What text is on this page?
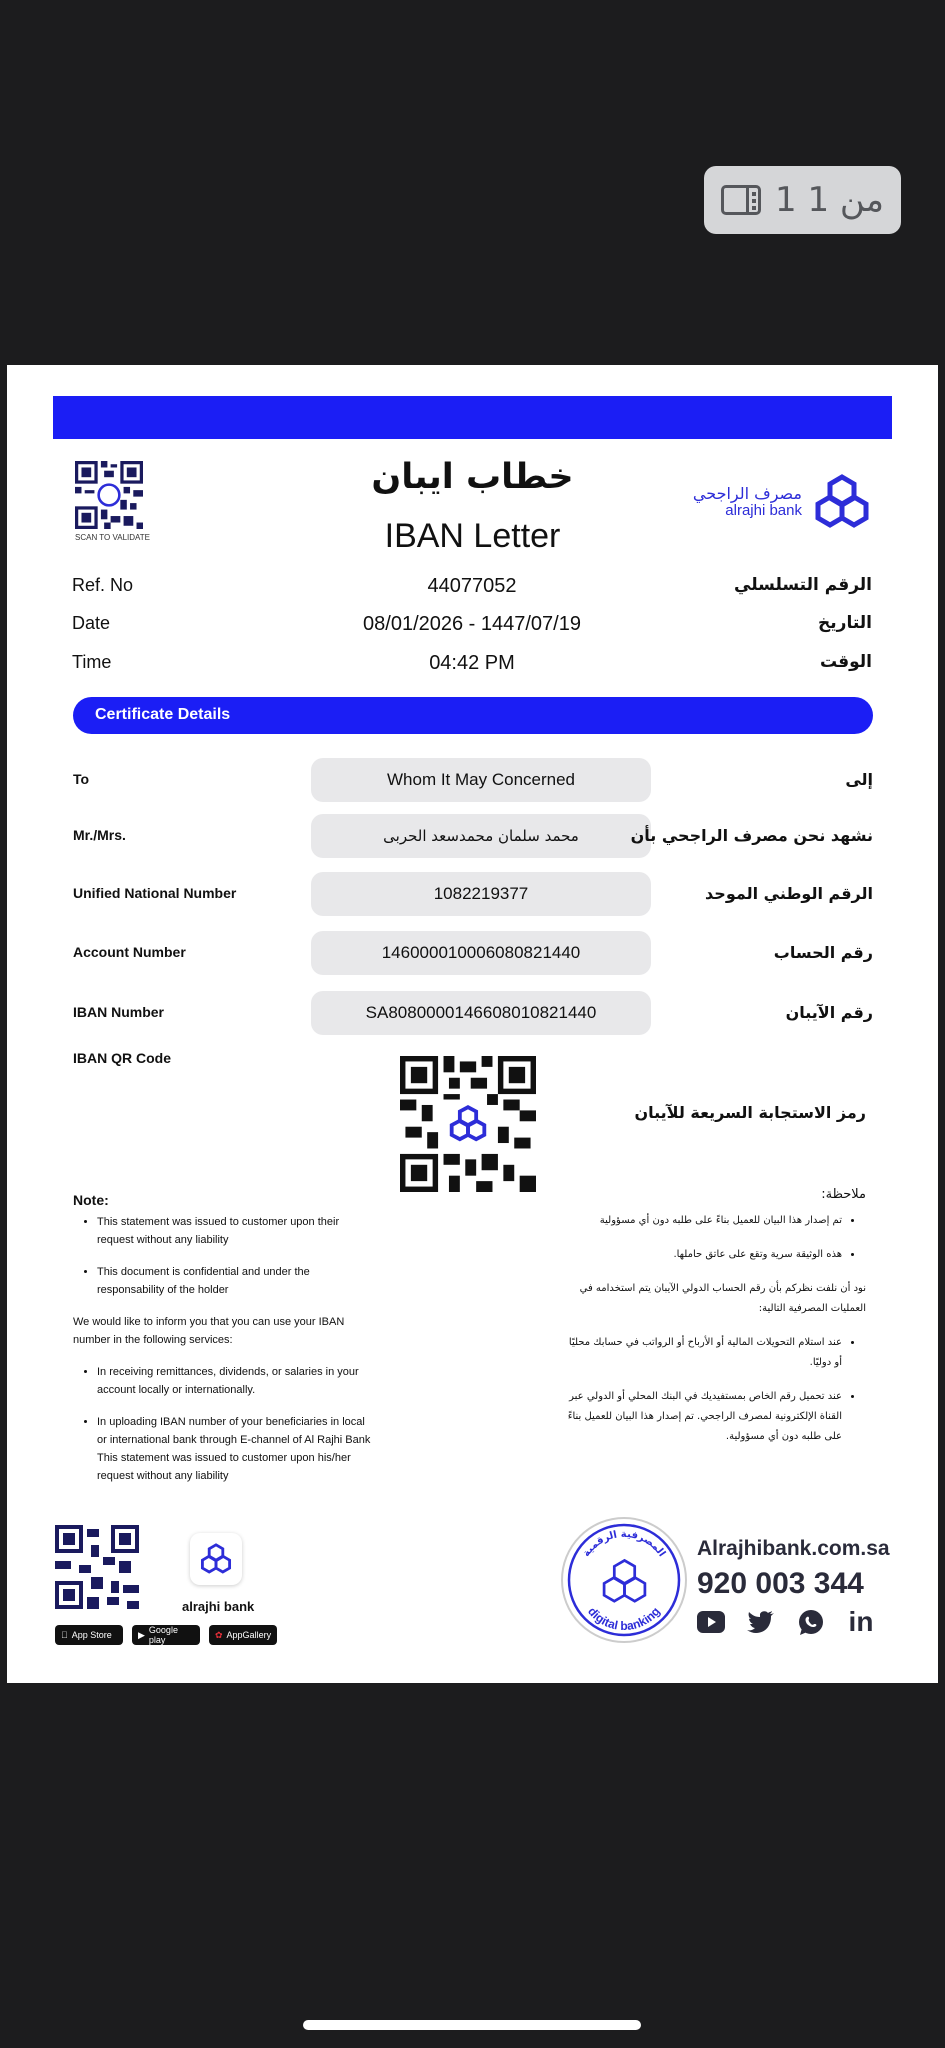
1 من 1
SCAN TO VALIDATE
خطاب ايبان
IBAN Letter
مصرف الراجحي
alrajhi bank
Ref. No	44077052	الرقم التسلسلي
Date	08/01/2026 - 1447/07/19	التاريخ
Time	04:42 PM	الوقت
Certificate Details
To	Whom It May Concerned	إلى
Mr./Mrs.	محمد سلمان محمدسعد الحربى	نشهد نحن مصرف الراجحي بأن
Unified National Number	1082219377	الرقم الوطني الموحد
Account Number	146000010006080821440	رقم الحساب
IBAN Number	SA8080000146608010821440	رقم الآيبان
IBAN QR Code
رمز الاستجابة السريعة للآيبان
Note:
• This statement was issued to customer upon their request without any liability
• This document is confidential and under the responsability of the holder

We would like to inform you that you can use your IBAN number in the following services:

• In receiving remittances, dividends, or salaries in your account locally or internationally.
• In uploading IBAN number of your beneficiaries in local or international bank through E-channel of Al Rajhi Bank This statement was issued to customer upon his/her request without any liability
ملاحظة:
• تم إصدار هذا البيان للعميل بناءً على طلبه دون أي مسؤولية
• هذه الوثيقة سرية وتقع على عاتق حاملها.

نود أن نلفت نظركم بأن رقم الحساب الدولي الآيبان يتم استخدامه في العمليات المصرفية التالية:

• عند استلام التحويلات المالية أو الأرباح أو الرواتب في حسابك محليًا أو دوليًا.
• عند تحميل رقم الخاص بمستفيديك في البنك المحلي أو الدولي عبر القناة الإلكترونية لمصرف الراجحي. تم إصدار هذا البيان للعميل بناءً على طلبه دون أي مسؤولية.
alrajhi bank
App Store	▶ Google play
✿ AppGallery
المصرفية الرقمية
digital banking
Alrajhibank.com.sa
920 003 344
in
